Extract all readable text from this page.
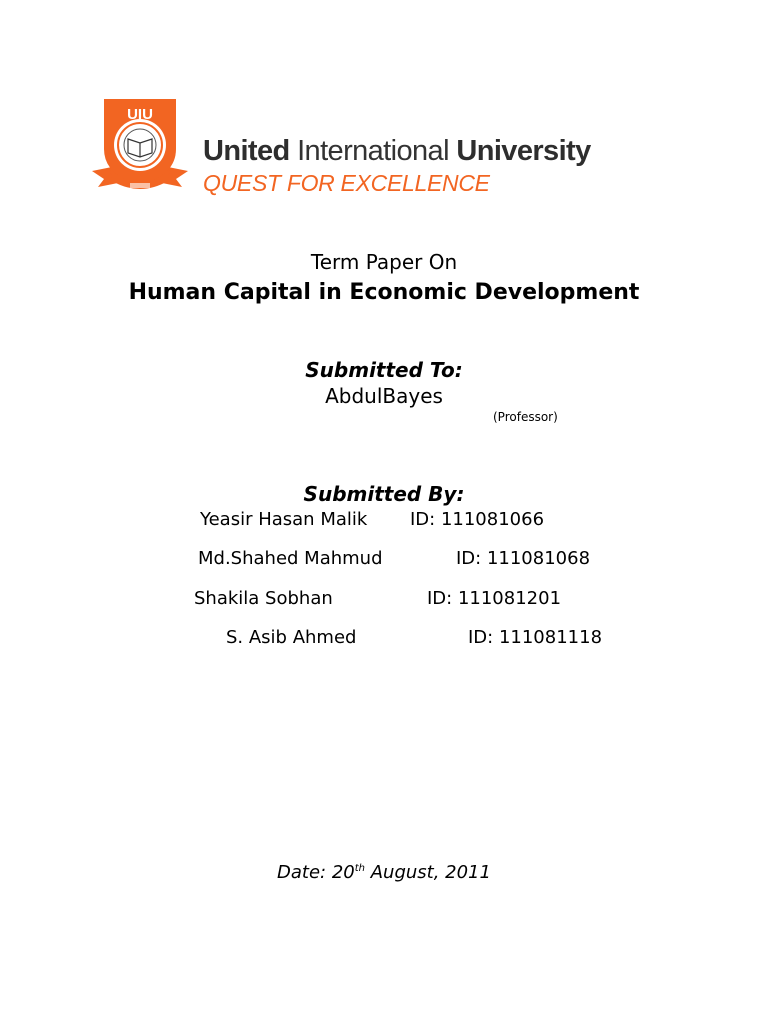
UIU
United International University
QUEST FOR EXCELLENCE
Term Paper On
Human Capital in Economic Development
Submitted To:
AbdulBayes
(Professor)
Submitted By:
Yeasir Hasan Malik ID: 111081066
Md.Shahed Mahmud	ID: 111081068
Shakila Sobhan	ID: 111081201
S. Asib Ahmed	ID: 111081118
Date: 20th August, 2011
